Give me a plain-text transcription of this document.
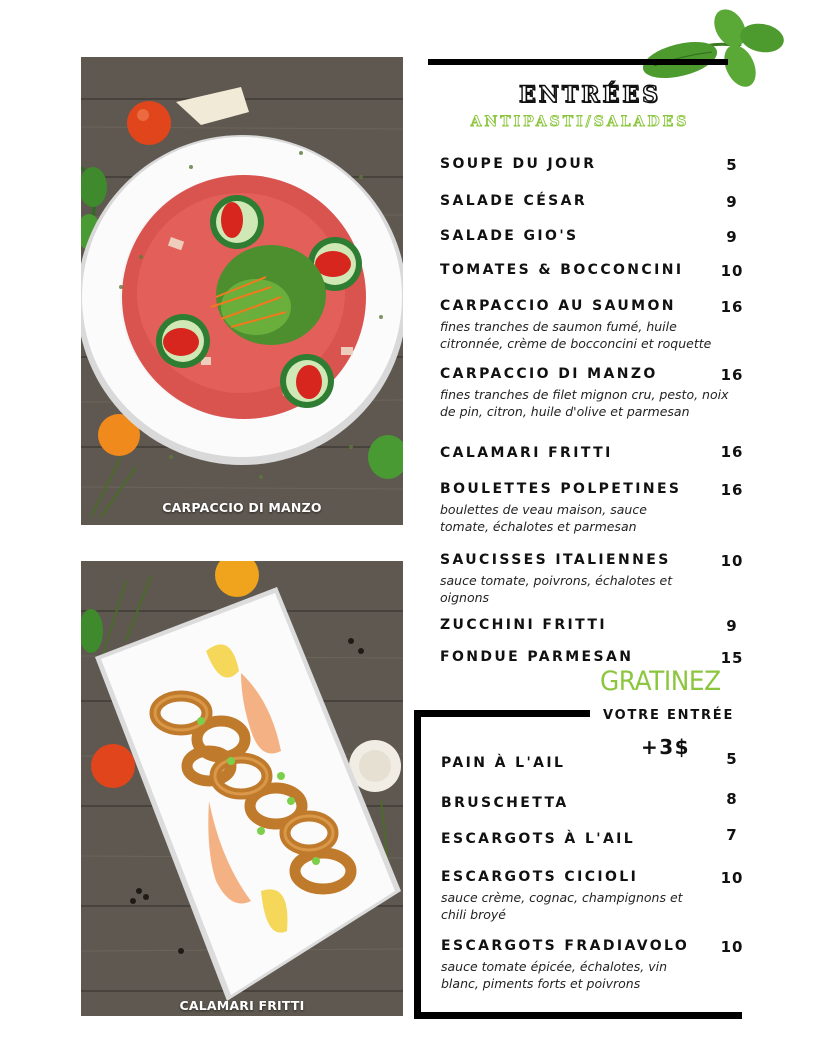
CARPACCIO DI MANZO
CALAMARI FRITTI
ENTRÉES
ANTIPASTI/SALADES
SOUPE DU JOUR	5
SALADE CÉSAR	9
SALADE GIO'S	9
TOMATES & BOCCONCINI	10
CARPACCIO AU SAUMON	16
fines tranches de saumon fumé, huile citronnée, crème de bocconcini et roquette
CARPACCIO DI MANZO	16
fines tranches de filet mignon cru, pesto, noix de pin, citron, huile d'olive et parmesan
CALAMARI FRITTI	16
BOULETTES POLPETINES	16
boulettes de veau maison, sauce tomate, échalotes et parmesan
SAUCISSES ITALIENNES	10
sauce tomate, poivrons, échalotes et oignons
ZUCCHINI FRITTI	9
FONDUE PARMESAN	15
GRATINEZ
VOTRE ENTRÉE
+3$
PAIN À L'AIL	5
BRUSCHETTA	8
ESCARGOTS À L'AIL	7
ESCARGOTS CICIOLI	10
sauce crème, cognac, champignons et chili broyé
ESCARGOTS FRADIAVOLO	10
sauce tomate épicée, échalotes, vin blanc, piments forts et poivrons
